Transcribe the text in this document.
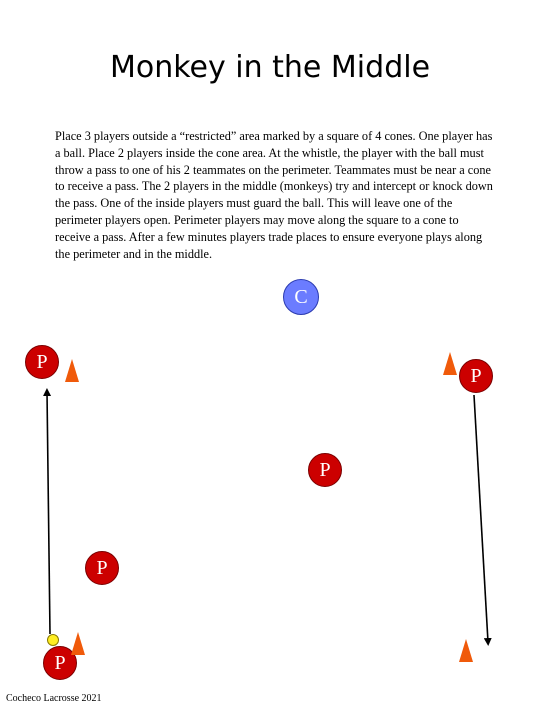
Monkey in the Middle
Place 3 players outside a “restricted” area marked by a square of 4 cones. One player has a ball. Place 2 players inside the cone area. At the whistle, the player with the ball must throw a pass to one of his 2 teammates on the perimeter. Teammates must be near a cone to receive a pass. The 2 players in the middle (monkeys) try and intercept or knock down the pass. One of the inside players must guard the ball. This will leave one of the perimeter players open. Perimeter players may move along the square to a cone to receive a pass. After a few minutes players trade places to ensure everyone plays along the perimeter and in the middle.
C
P
P
P
P
P
Cocheco Lacrosse 2021
